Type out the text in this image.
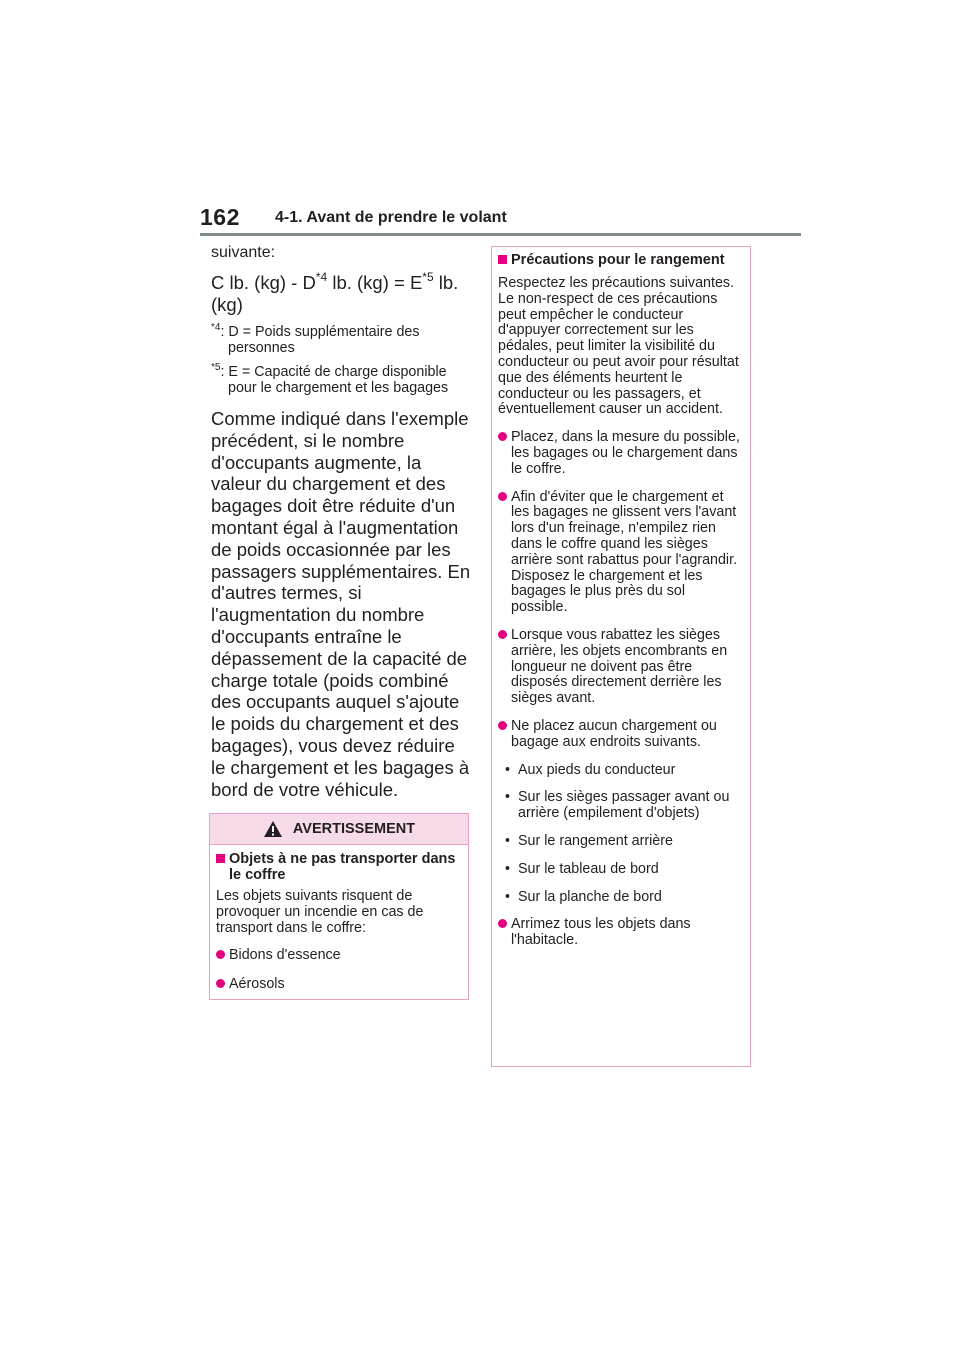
162 4-1. Avant de prendre le volant
suivante:
C lb. $(kg) - D^{*4}$ lb. $(kg) = E^{*5}$ lb. (kg)
$^{*4}$: D = Poids supplémentaire des personnes
$^{*5}$: E = Capacité de charge disponible pour le chargement et les bagages
Comme indiqué dans l'exemple précédent, si le nombre d'occupants augmente, la valeur du chargement et des bagages doit être réduite d'un montant égal à l'augmentation de poids occasionnée par les passagers supplémentaires. En d'autres termes, si l'augmentation du nombre d'occupants entraîne le dépassement de la capacité de charge totale (poids combiné des occupants auquel s'ajoute le poids du chargement et des bagages), vous devez réduire le chargement et les bagages à bord de votre véhicule.
AVERTISSEMENT
Objets à ne pas transporter dans le coffre
Les objets suivants risquent de provoquer un incendie en cas de transport dans le coffre:
Bidons d'essence
Aérosols
Précautions pour le rangement
Respectez les précautions suivantes. Le non-respect de ces précautions peut empêcher le conducteur d'appuyer correctement sur les pédales, peut limiter la visibilité du conducteur ou peut avoir pour résultat que des éléments heurtent le conducteur ou les passagers, et éventuellement causer un accident.
Placez, dans la mesure du possible, les bagages ou le chargement dans le coffre.
Afin d'éviter que le chargement et les bagages ne glissent vers l'avant lors d'un freinage, n'empilez rien dans le coffre quand les sièges arrière sont rabattus pour l'agrandir. Disposez le chargement et les bagages le plus près du sol possible.
Lorsque vous rabattez les sièges arrière, les objets encombrants en longueur ne doivent pas être disposés directement derrière les sièges avant.
Ne placez aucun chargement ou bagage aux endroits suivants.
• Aux pieds du conducteur
• Sur les sièges passager avant ou arrière (empilement d'objets)
• Sur le rangement arrière
• Sur le tableau de bord
• Sur la planche de bord
Arrimez tous les objets dans l'habitacle.
